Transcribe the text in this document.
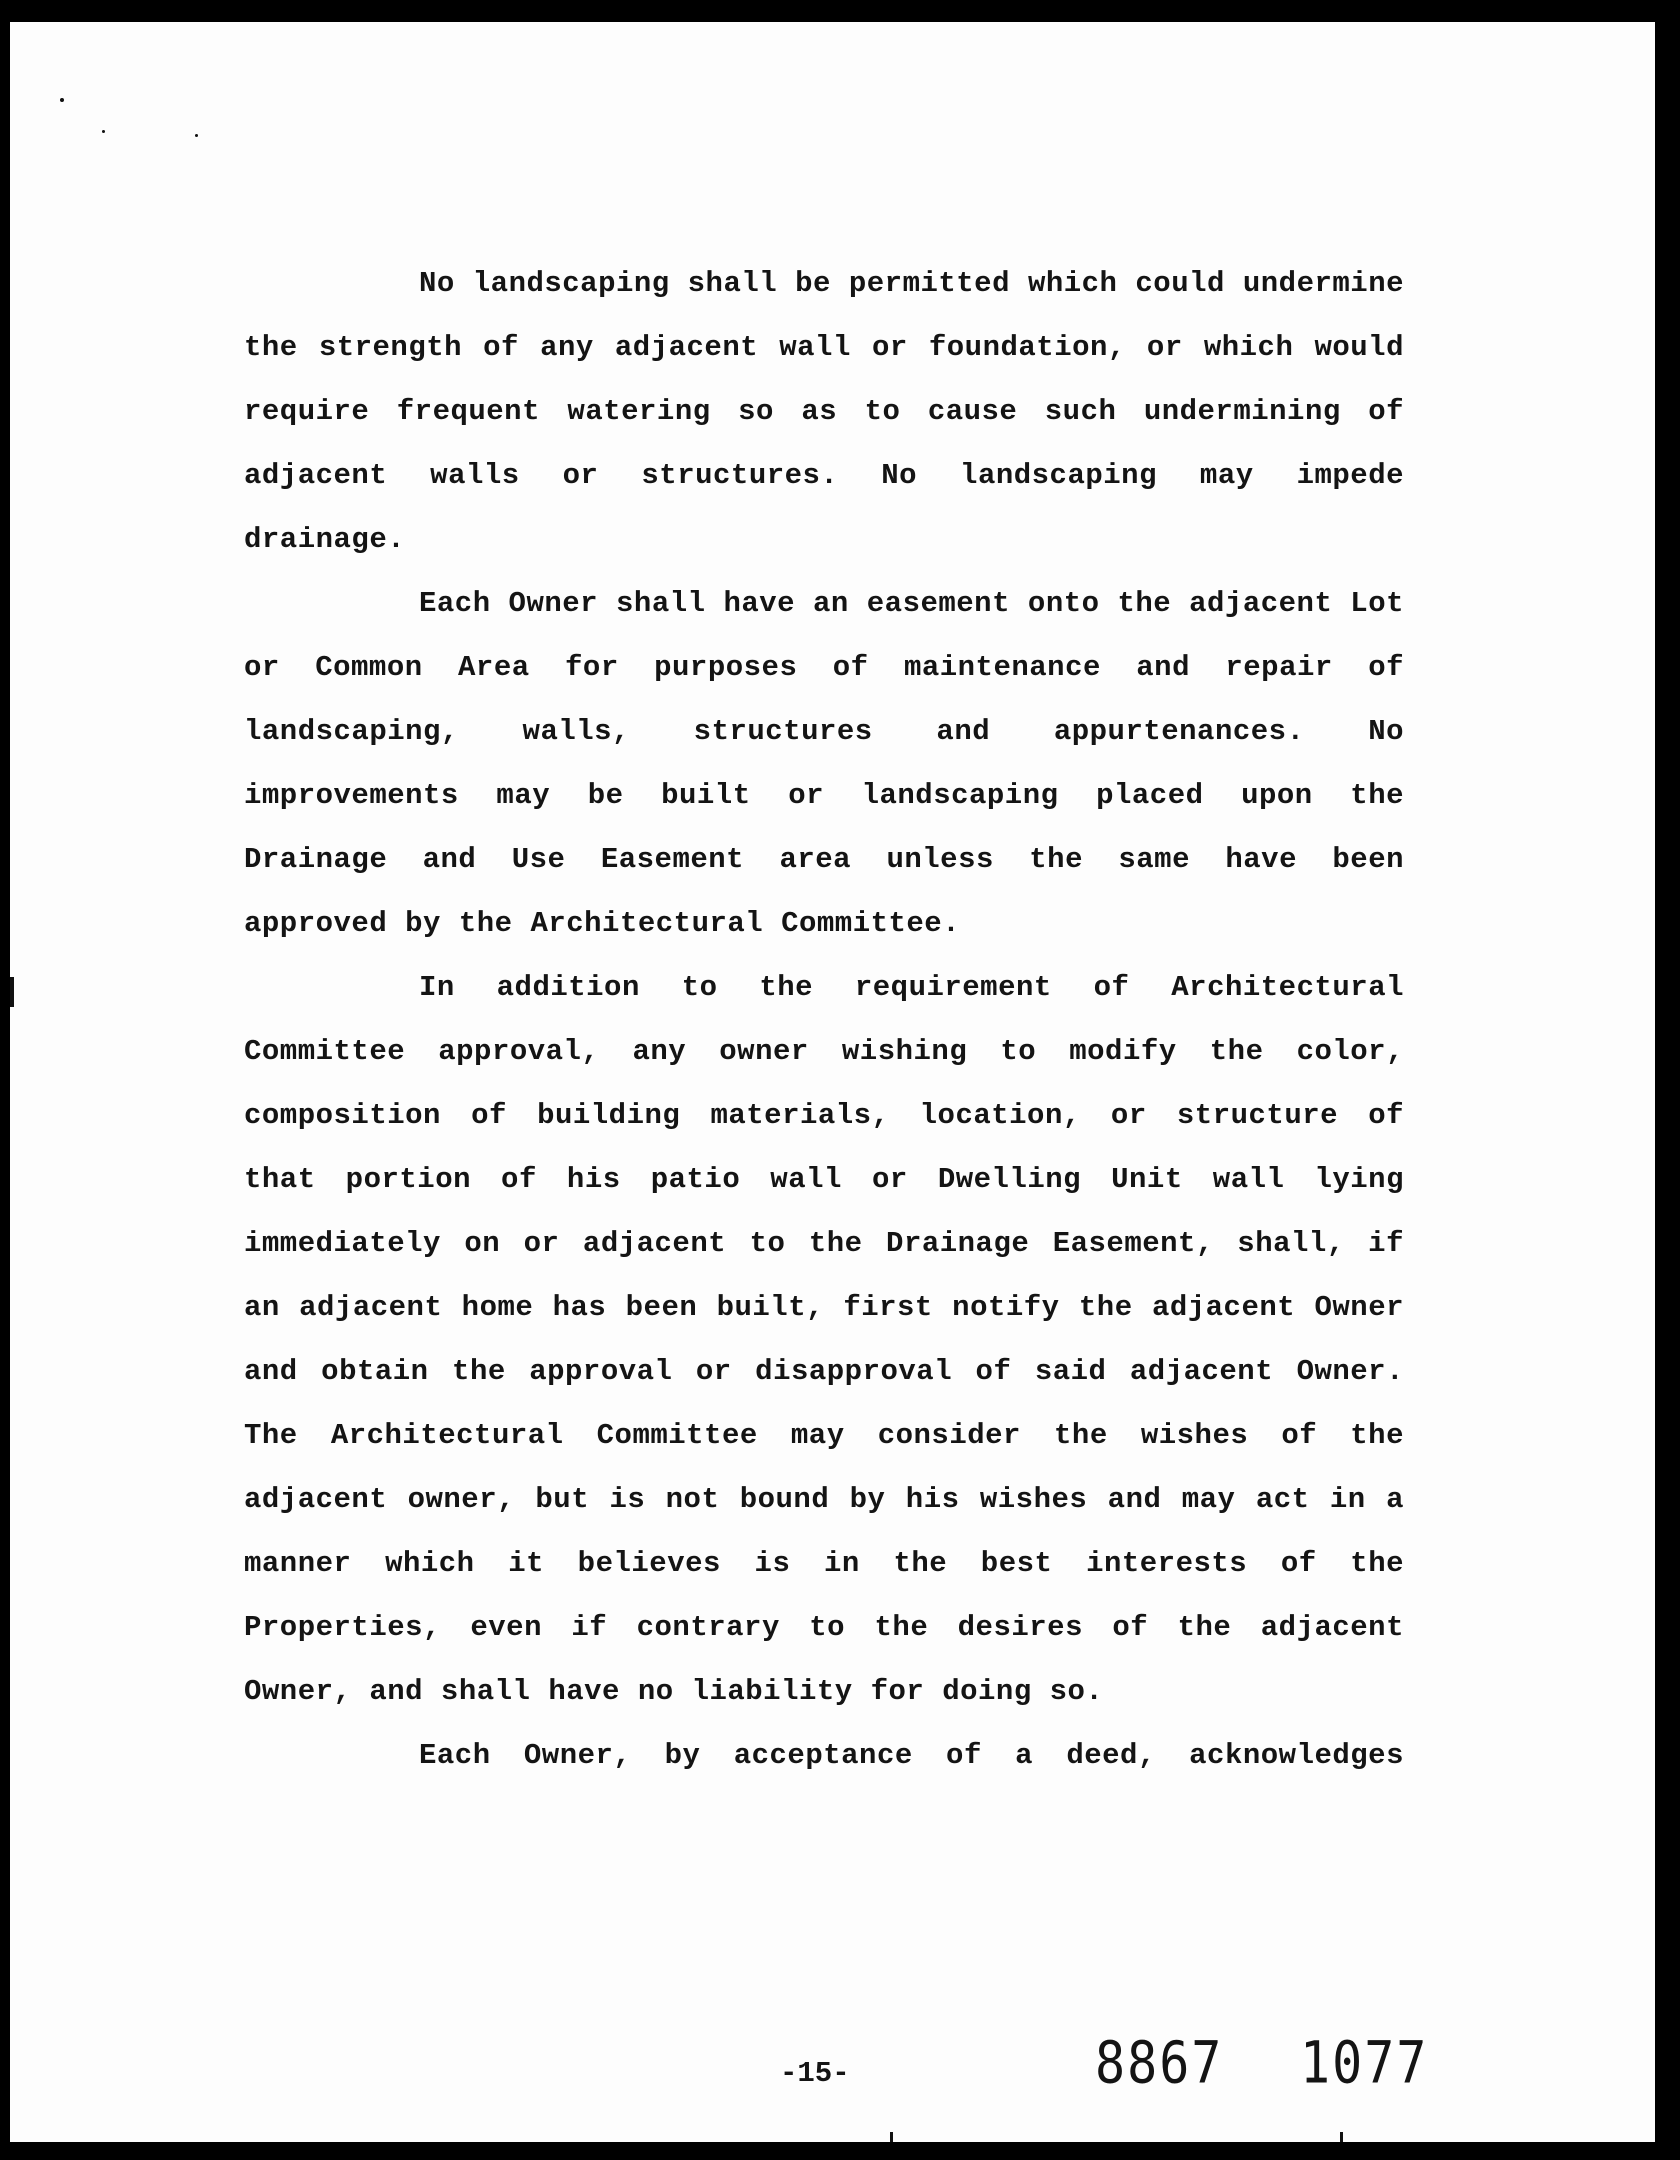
No landscaping shall be permitted which could undermine the strength of any adjacent wall or foundation, or which would require frequent watering so as to cause such undermining of adjacent walls or structures. No landscaping may impede drainage.

Each Owner shall have an easement onto the adjacent Lot or Common Area for purposes of maintenance and repair of landscaping, walls, structures and appurtenances. No improvements may be built or landscaping placed upon the Drainage and Use Easement area unless the same have been approved by the Architectural Committee.

In addition to the requirement of Architectural Committee approval, any owner wishing to modify the color, composition of building materials, location, or structure of that portion of his patio wall or Dwelling Unit wall lying immediately on or adjacent to the Drainage Easement, shall, if an adjacent home has been built, first notify the adjacent Owner and obtain the approval or disapproval of said adjacent Owner. The Architectural Committee may consider the wishes of the adjacent owner, but is not bound by his wishes and may act in a manner which it believes is in the best interests of the Properties, even if contrary to the desires of the adjacent Owner, and shall have no liability for doing so.

Each Owner, by acceptance of a deed, acknowledges

-15-	8867 1077
